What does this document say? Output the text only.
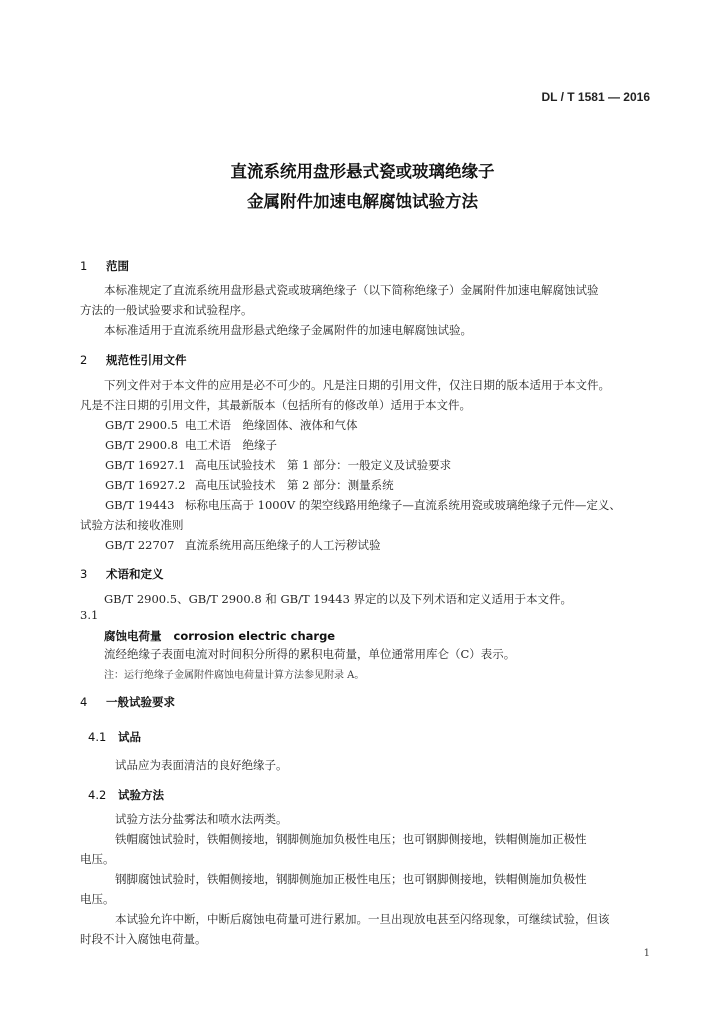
DL / T 1581 — 2016
直流系统用盘形悬式瓷或玻璃绝缘子
金属附件加速电解腐蚀试验方法
1 范围
本标准规定了直流系统用盘形悬式瓷或玻璃绝缘子（以下简称绝缘子）金属附件加速电解腐蚀试验
方法的一般试验要求和试验程序。
本标准适用于直流系统用盘形悬式绝缘子金属附件的加速电解腐蚀试验。
2 规范性引用文件
下列文件对于本文件的应用是必不可少的。凡是注日期的引用文件，仅注日期的版本适用于本文件。
凡是不注日期的引用文件，其最新版本（包括所有的修改单）适用于本文件。
GB/T 2900.5 电工术语　绝缘固体、液体和气体
GB/T 2900.8 电工术语　绝缘子
GB/T 16927.1 高电压试验技术　第 1 部分：一般定义及试验要求
GB/T 16927.2 高电压试验技术　第 2 部分：测量系统
GB/T 19443 标称电压高于 1000V 的架空线路用绝缘子—直流系统用瓷或玻璃绝缘子元件—定义、
试验方法和接收准则
GB/T 22707 直流系统用高压绝缘子的人工污秽试验
3 术语和定义
GB/T 2900.5、GB/T 2900.8 和 GB/T 19443 界定的以及下列术语和定义适用于本文件。
3.1
腐蚀电荷量 corrosion electric charge
流经绝缘子表面电流对时间积分所得的累积电荷量，单位通常用库仑（C）表示。
注：运行绝缘子金属附件腐蚀电荷量计算方法参见附录 A。
4 一般试验要求
4.1 试品
试品应为表面清洁的良好绝缘子。
4.2 试验方法
试验方法分盐雾法和喷水法两类。
铁帽腐蚀试验时，铁帽侧接地，钢脚侧施加负极性电压；也可钢脚侧接地，铁帽侧施加正极性
电压。
钢脚腐蚀试验时，铁帽侧接地，钢脚侧施加正极性电压；也可钢脚侧接地，铁帽侧施加负极性
电压。
本试验允许中断，中断后腐蚀电荷量可进行累加。一旦出现放电甚至闪络现象，可继续试验，但该
时段不计入腐蚀电荷量。
1
